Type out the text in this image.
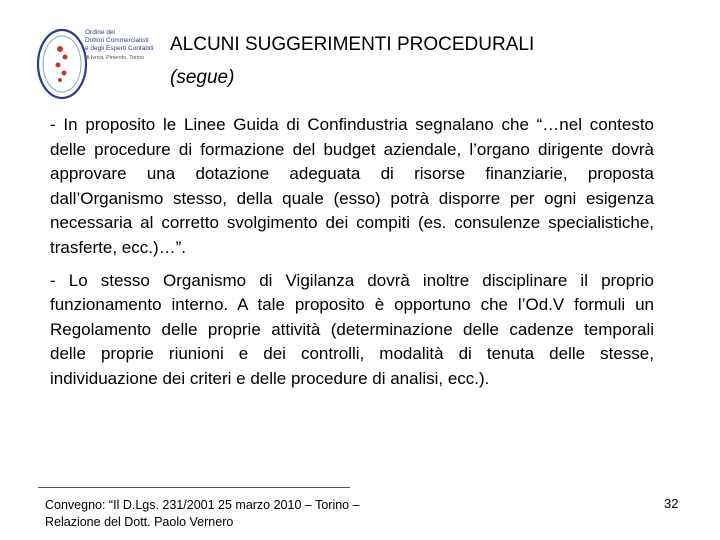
Ordine dei
Dottori Commercialisti
e degli Esperti Contabili
di Ivrea, Pinerolo, Torino
ALCUNI SUGGERIMENTI PROCEDURALI
(segue)

- In proposito le Linee Guida di Confindustria segnalano che “…nel contesto delle procedure di formazione del budget aziendale, l’organo dirigente dovrà approvare una dotazione adeguata di risorse finanziarie, proposta dall’Organismo stesso, della quale (esso) potrà disporre per ogni esigenza necessaria al corretto svolgimento dei compiti (es. consulenze specialistiche, trasferte, ecc.)…”.

- Lo stesso Organismo di Vigilanza dovrà inoltre disciplinare il proprio funzionamento interno. A tale proposito è opportuno che l’Od.V formuli un Regolamento delle proprie attività (determinazione delle cadenze temporali delle proprie riunioni e dei controlli, modalità di tenuta delle stesse, individuazione dei criteri e delle procedure di analisi, ecc.).

Convegno: “Il D.Lgs. 231/2001 25 marzo 2010 – Torino –
Relazione del Dott. Paolo Vernero
32
